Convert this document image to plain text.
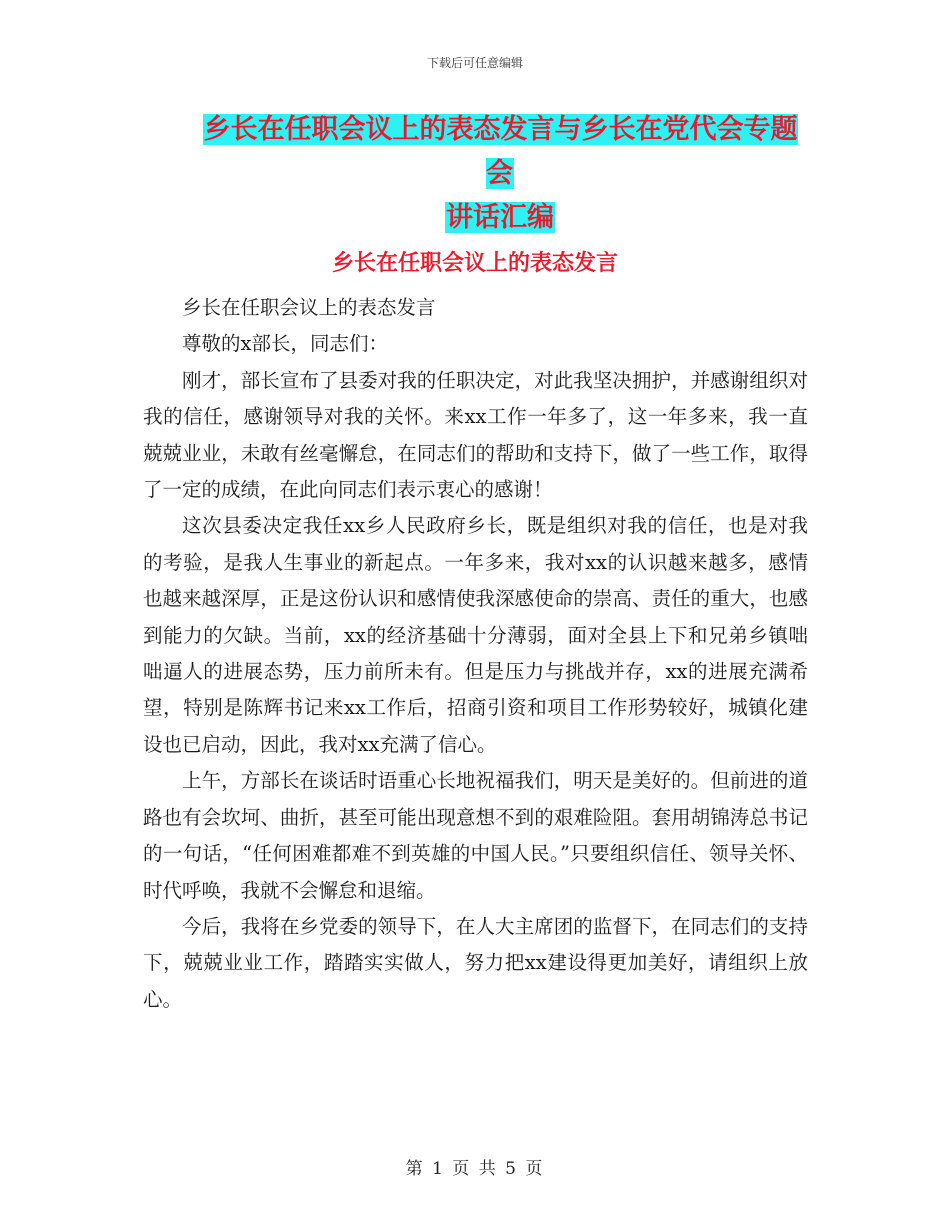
下载后可任意编辑
乡长在任职会议上的表态发言与乡长在党代会专题会
讲话汇编
乡长在任职会议上的表态发言

乡长在任职会议上的表态发言

尊敬的x部长，同志们：

刚才，部长宣布了县委对我的任职决定，对此我坚决拥护，并感谢组织对我的信任，感谢领导对我的关怀。来xx工作一年多了，这一年多来，我一直兢兢业业，未敢有丝毫懈怠，在同志们的帮助和支持下，做了一些工作，取得了一定的成绩，在此向同志们表示衷心的感谢！

这次县委决定我任xx乡人民政府乡长，既是组织对我的信任，也是对我的考验，是我人生事业的新起点。一年多来，我对xx的认识越来越多，感情也越来越深厚，正是这份认识和感情使我深感使命的崇高、责任的重大，也感到能力的欠缺。当前，xx的经济基础十分薄弱，面对全县上下和兄弟乡镇咄咄逼人的进展态势，压力前所未有。但是压力与挑战并存，xx的进展充满希望，特别是陈辉书记来xx工作后，招商引资和项目工作形势较好，城镇化建设也已启动，因此，我对xx充满了信心。

上午，方部长在谈话时语重心长地祝福我们，明天是美好的。但前进的道路也有会坎坷、曲折，甚至可能出现意想不到的艰难险阻。套用胡锦涛总书记的一句话，“任何困难都难不到英雄的中国人民。”只要组织信任、领导关怀、时代呼唤，我就不会懈怠和退缩。

今后，我将在乡党委的领导下，在人大主席团的监督下，在同志们的支持下，兢兢业业工作，踏踏实实做人，努力把xx建设得更加美好，请组织上放心。

第 1 页 共 5 页
